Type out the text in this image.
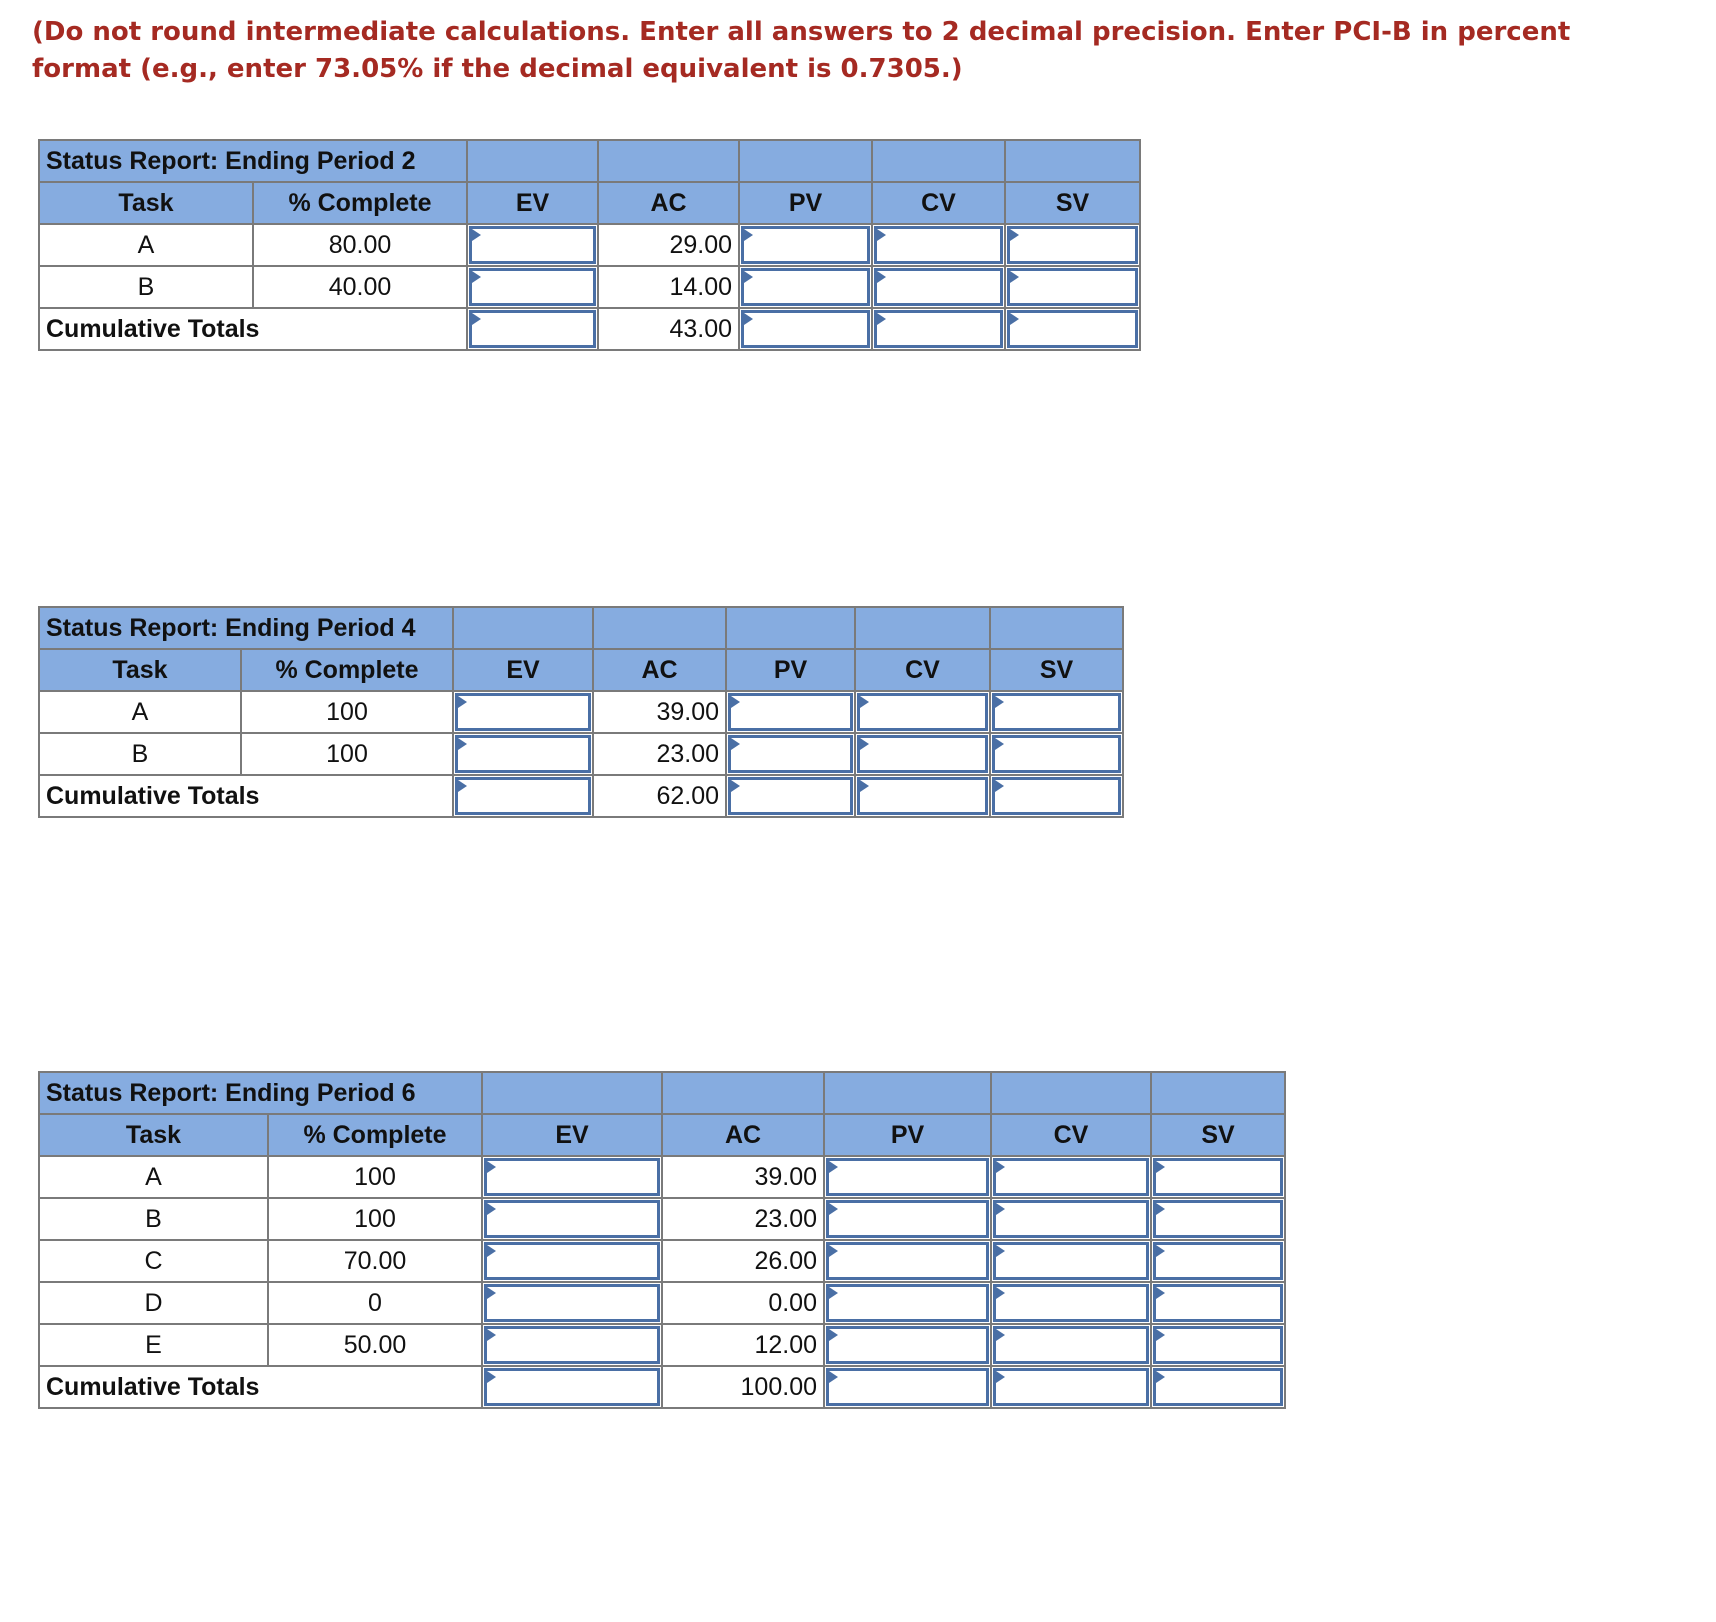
(Do not round intermediate calculations. Enter all answers to 2 decimal precision. Enter PCI-B in percent format (e.g., enter 73.05% if the decimal equivalent is 0.7305.)

Status Report: Ending Period 2						
Task	% Complete	EV	AC	PV	CV	SV
A	80.00		29.00	

B	40.00		14.00	

Cumulative Totals			43.00	

Status Report: Ending Period 4						
Task	% Complete	EV	AC	PV	CV	SV
A	100		39.00	

B	100		23.00	

Cumulative Totals			62.00	

Status Report: Ending Period 6						
Task	% Complete	EV	AC	PV	CV	SV
A	100		39.00	

B	100		23.00	

C	70.00		26.00	

D	0		0.00	

E	50.00		12.00	

Cumulative Totals			100.00	
